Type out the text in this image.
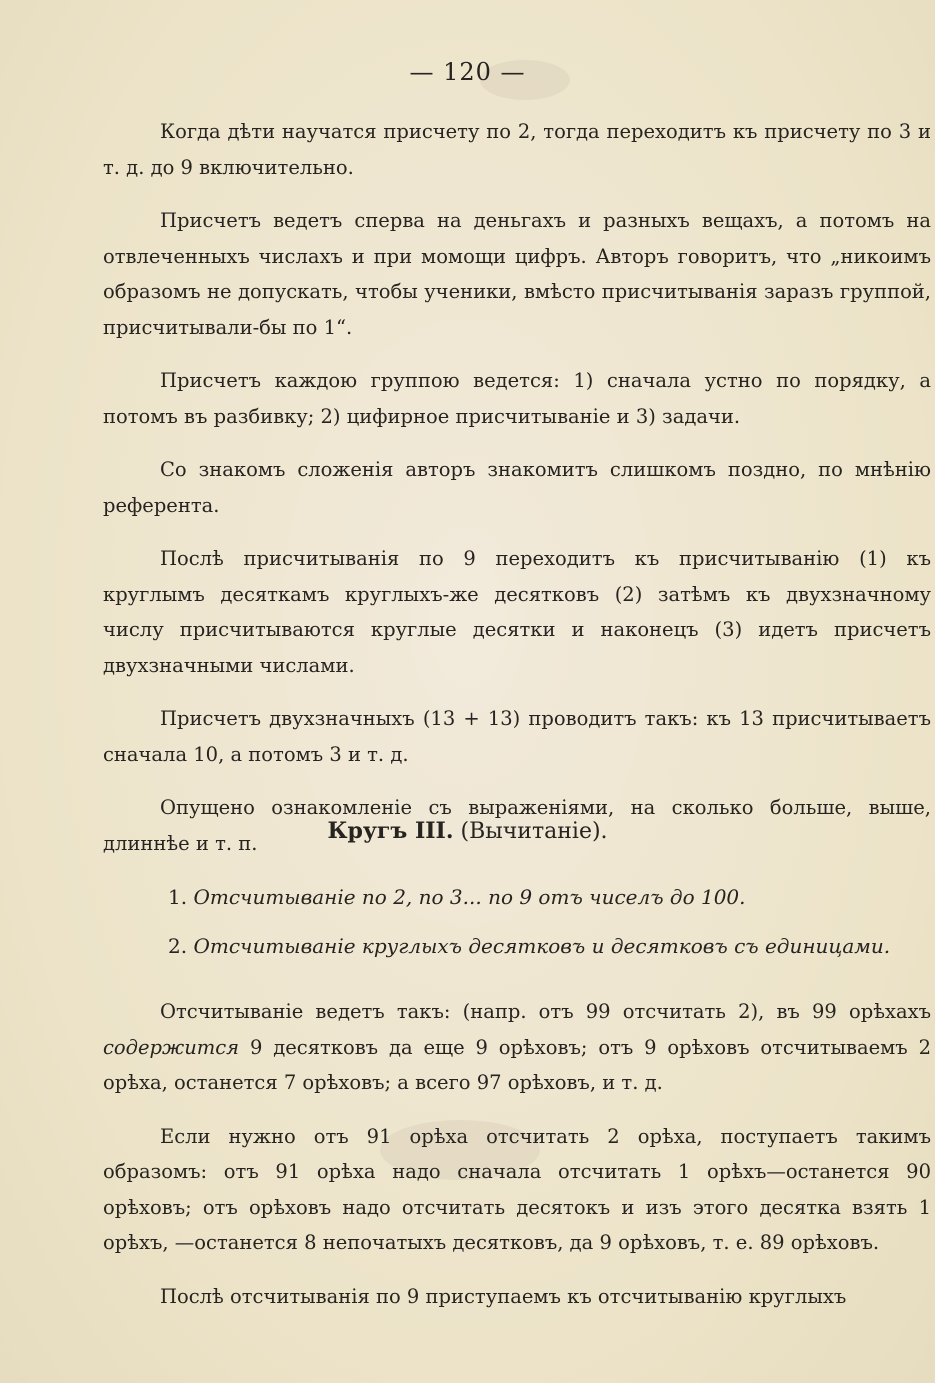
— 120 —

Когда дѣти научатся присчету по 2, тогда переходитъ къ присчету по 3 и т. д. до 9 включительно.

Присчетъ ведетъ сперва на деньгахъ и разныхъ вещахъ, а потомъ на отвлеченныхъ числахъ и при момощи цифръ. Авторъ говоритъ, что „никоимъ образомъ не допускать, чтобы ученики, вмѣсто присчитыванія заразъ группой, присчитывали-бы по 1“.

Присчетъ каждою группою ведется: 1) сначала устно по порядку, а потомъ въ разбивку; 2) цифирное присчитываніе и 3) задачи.

Со знакомъ сложенія авторъ знакомитъ слишкомъ поздно, по мнѣнію референта.

Послѣ присчитыванія по 9 переходитъ къ присчитыванію (1) къ круглымъ десяткамъ круглыхъ-же десятковъ (2) затѣмъ къ двухзначному числу присчитываются круглые десятки и наконецъ (3) идетъ присчетъ двухзначными числами.

Присчетъ двухзначныхъ (13 + 13) проводитъ такъ: къ 13 присчитываетъ сначала 10, а потомъ 3 и т. д.

Опущено ознакомленіе съ выраженіями, на сколько больше, выше, длиннѣе и т. п.	Кругъ III. (Вычитаніе).
1. Отсчитываніе по 2, по 3... по 9 отъ чиселъ до 100.
2. Отсчитываніе круглыхъ десятковъ и десятковъ съ единицами.

Отсчитываніе ведетъ такъ: (напр. отъ 99 отсчитать 2), въ 99 орѣхахъ содержится 9 десятковъ да еще 9 орѣховъ; отъ 9 орѣховъ отсчитываемъ 2 орѣха, останется 7 орѣховъ; а всего 97 орѣховъ, и т. д.

Если нужно отъ 91 орѣха отсчитать 2 орѣха, поступаетъ такимъ образомъ: отъ 91 орѣха надо сначала отсчитать 1 орѣхъ—останется 90 орѣховъ; отъ орѣховъ надо отсчитать десятокъ и изъ этого десятка взять 1 орѣхъ, —останется 8 непочатыхъ десятковъ, да 9 орѣховъ, т. е. 89 орѣховъ.

Послѣ отсчитыванія по 9 приступаемъ къ отсчитыванію круглыхъ
